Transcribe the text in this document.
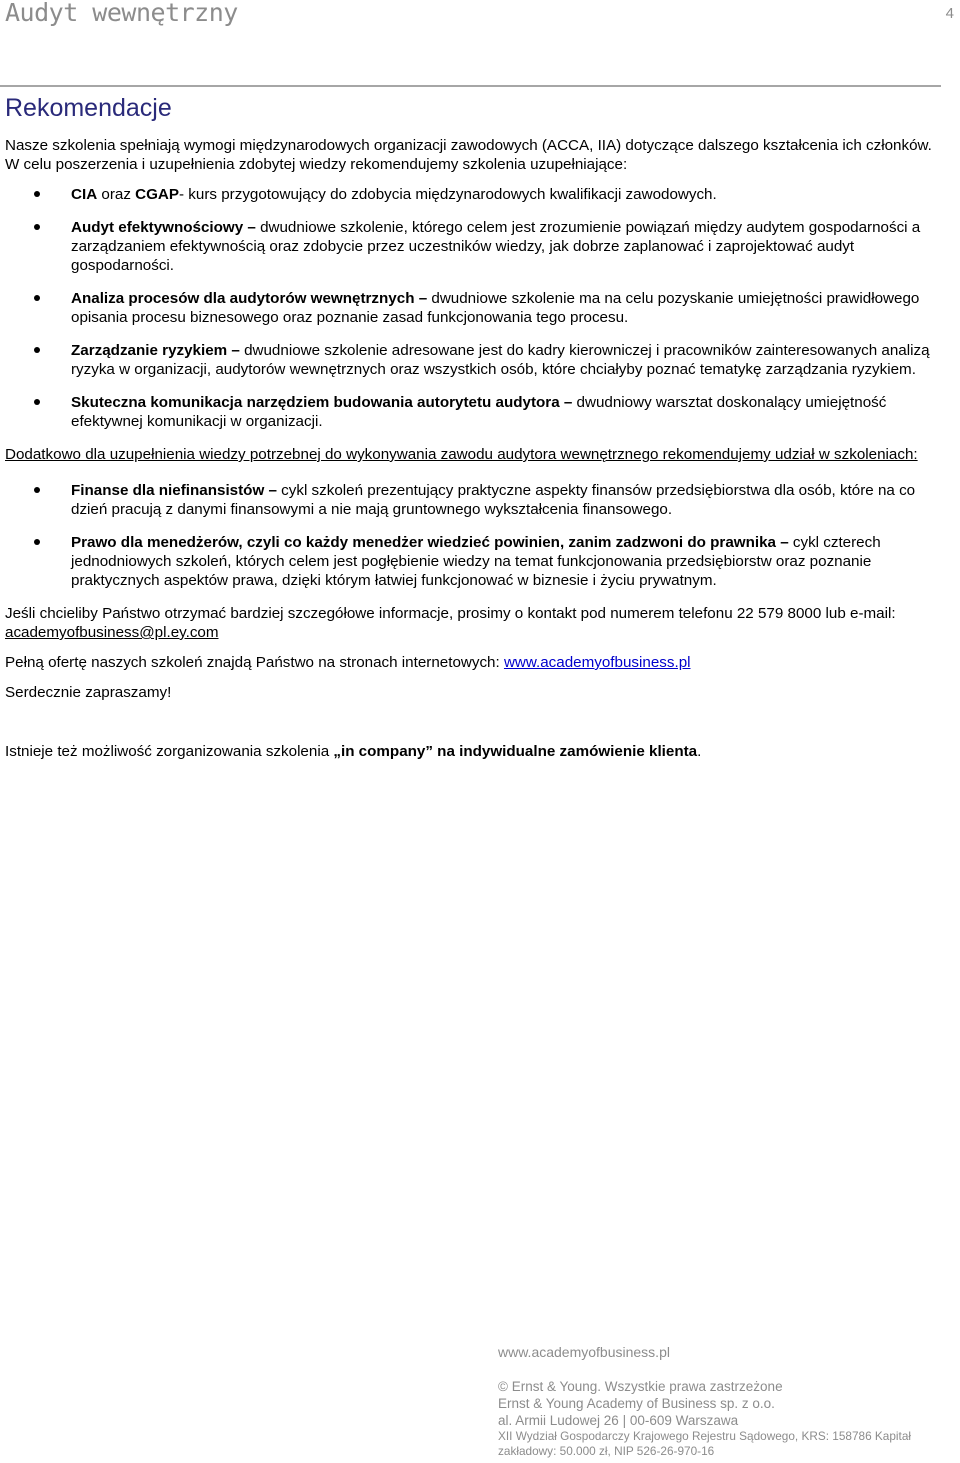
Audyt wewnętrzny	4
Rekomendacje

Nasze szkolenia spełniają wymogi międzynarodowych organizacji zawodowych (ACCA, IIA) dotyczące dalszego kształcenia ich członków. W celu poszerzenia i uzupełnienia zdobytej wiedzy rekomendujemy szkolenia uzupełniające:

CIA oraz CGAP- kurs przygotowujący do zdobycia międzynarodowych kwalifikacji zawodowych.
Audyt efektywnościowy – dwudniowe szkolenie, którego celem jest zrozumienie powiązań między audytem gospodarności a zarządzaniem efektywnością oraz zdobycie przez uczestników wiedzy, jak dobrze zaplanować i zaprojektować audyt gospodarności.
Analiza procesów dla audytorów wewnętrznych – dwudniowe szkolenie ma na celu pozyskanie umiejętności prawidłowego opisania procesu biznesowego oraz poznanie zasad funkcjonowania tego procesu.
Zarządzanie ryzykiem – dwudniowe szkolenie adresowane jest do kadry kierowniczej i pracowników zainteresowanych analizą ryzyka w organizacji, audytorów wewnętrznych oraz wszystkich osób, które chciałyby poznać tematykę zarządzania ryzykiem.
Skuteczna komunikacja narzędziem budowania autorytetu audytora – dwudniowy warsztat doskonalący umiejętność efektywnej komunikacji w organizacji.

Dodatkowo dla uzupełnienia wiedzy potrzebnej do wykonywania zawodu audytora wewnętrznego rekomendujemy udział w szkoleniach:

Finanse dla niefinansistów – cykl szkoleń prezentujący praktyczne aspekty finansów przedsiębiorstwa dla osób, które na co dzień pracują z danymi finansowymi a nie mają gruntownego wykształcenia finansowego.
Prawo dla menedżerów, czyli co każdy menedżer wiedzieć powinien, zanim zadzwoni do prawnika – cykl czterech jednodniowych szkoleń, których celem jest pogłębienie wiedzy na temat funkcjonowania przedsiębiorstw oraz poznanie praktycznych aspektów prawa, dzięki którym łatwiej funkcjonować w biznesie i życiu prywatnym.

Jeśli chcieliby Państwo otrzymać bardziej szczegółowe informacje, prosimy o kontakt pod numerem telefonu 22 579 8000 lub e-mail: academyofbusiness@pl.ey.com

Pełną ofertę naszych szkoleń znajdą Państwo na stronach internetowych: www.academyofbusiness.pl

Serdecznie zapraszamy!

Istnieje też możliwość zorganizowania szkolenia „in company” na indywidualne zamówienie klienta.

www.academyofbusiness.pl
© Ernst & Young. Wszystkie prawa zastrzeżone
Ernst & Young Academy of Business sp. z o.o.
al. Armii Ludowej 26 | 00-609 Warszawa
XII Wydział Gospodarczy Krajowego Rejestru Sądowego, KRS: 158786 Kapitał
zakładowy: 50.000 zł, NIP 526-26-970-16
